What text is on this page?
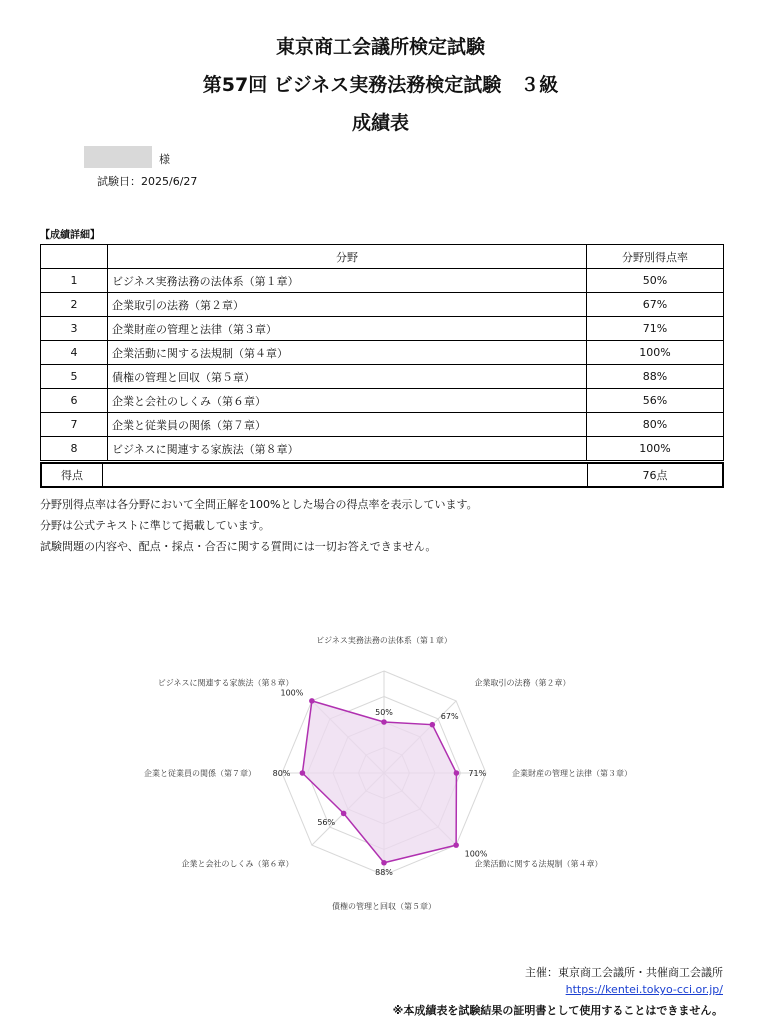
東京商工会議所検定試験
第57回 ビジネス実務法務検定試験　３級
成績表
様
試験日：2025/6/27
【成績詳細】
	分野	分野別得点率
1	ビジネス実務法務の法体系（第１章）	50%
2	企業取引の法務（第２章）	67%
3	企業財産の管理と法律（第３章）	71%
4	企業活動に関する法規制（第４章）	100%
5	債権の管理と回収（第５章）	88%
6	企業と会社のしくみ（第６章）	56%
7	企業と従業員の関係（第７章）	80%
8	ビジネスに関連する家族法（第８章）	100%
得点		76点
分野別得点率は各分野において全問正解を100%とした場合の得点率を表示しています。
分野は公式テキストに準じて掲載しています。
試験問題の内容や、配点・採点・合否に関する質問には一切お答えできません。
ビジネス実務法務の法体系（第１章）
企業取引の法務（第２章）
企業財産の管理と法律（第３章）
企業活動に関する法規制（第４章）
債権の管理と回収（第５章）
企業と会社のしくみ（第６章）
企業と従業員の関係（第７章）
ビジネスに関連する家族法（第８章）
50%	67%
71%
100%
88%
56%
80%
100%
主催：東京商工会議所・共催商工会議所
https://kentei.tokyo-cci.or.jp/
※本成績表を試験結果の証明書として使用することはできません。
